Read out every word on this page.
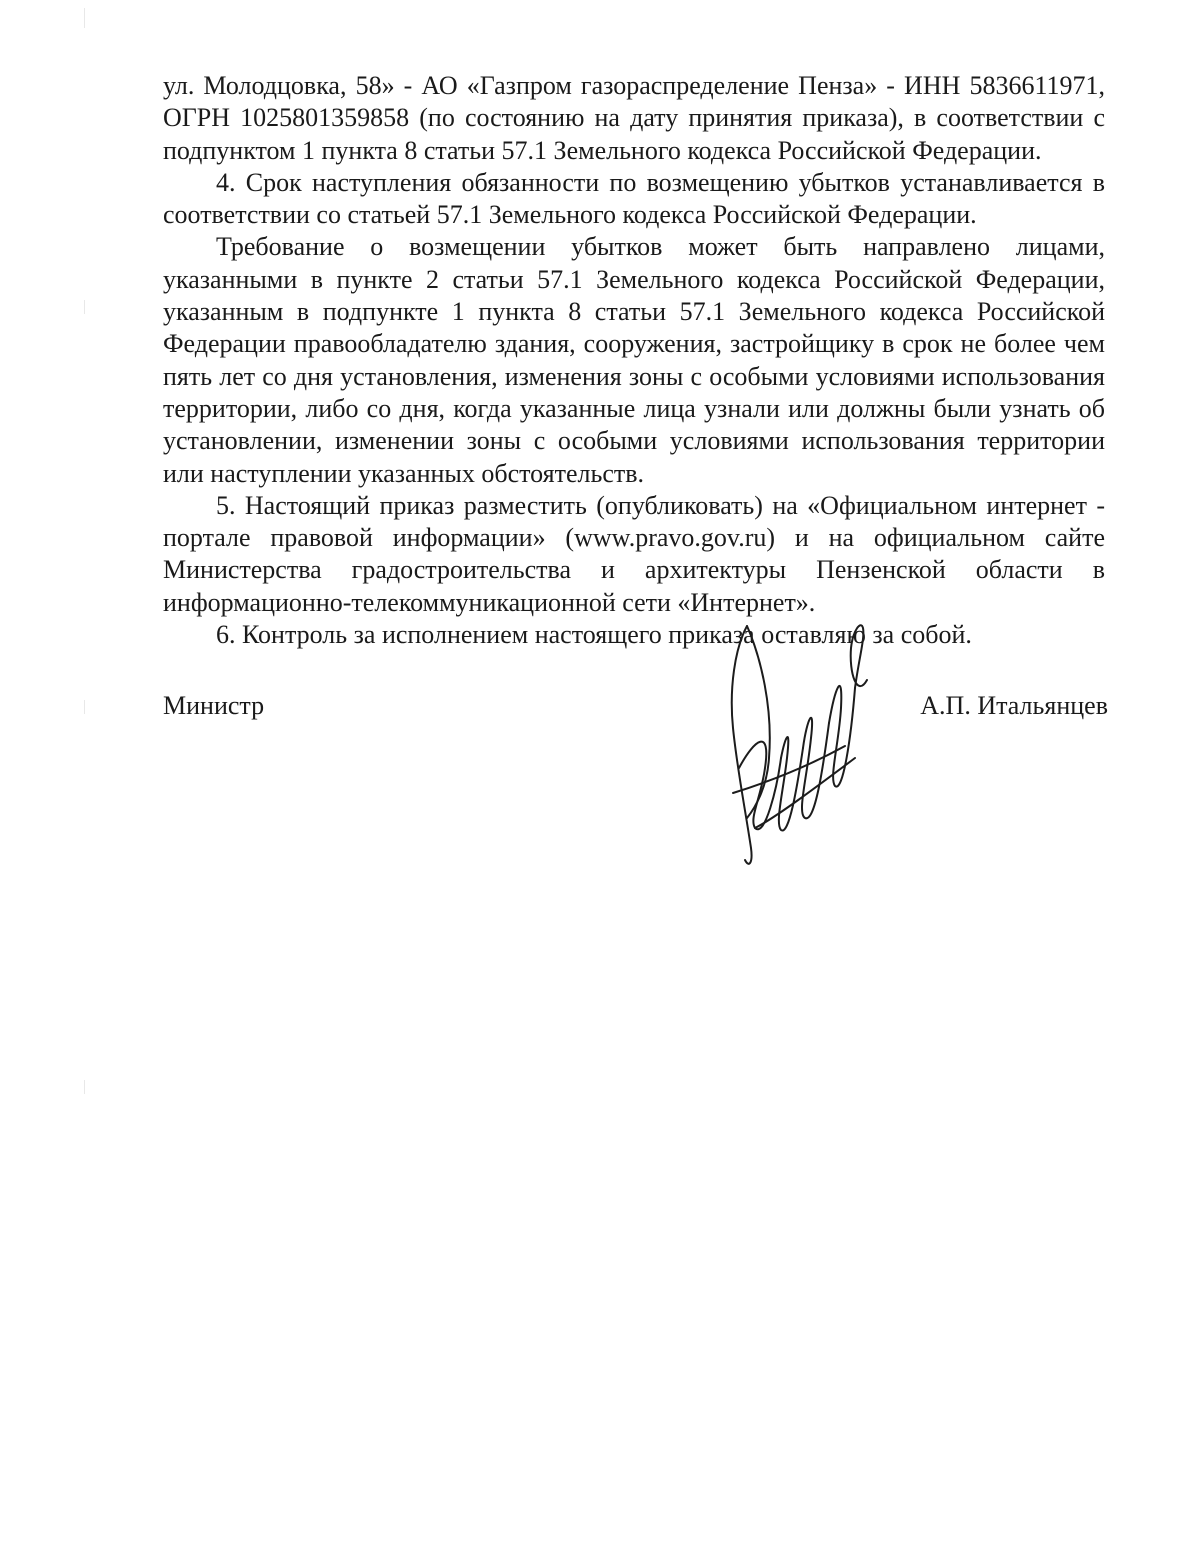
ул. Молодцовка, 58» - АО «Газпром газораспределение Пенза» - ИНН 5836611971, ОГРН 1025801359858 (по состоянию на дату принятия приказа), в соответствии с подпунктом 1 пункта 8 статьи 57.1 Земельного кодекса Российской Федерации.

4. Срок наступления обязанности по возмещению убытков устанавливается в соответствии со статьей 57.1 Земельного кодекса Российской Федерации.

Требование о возмещении убытков может быть направлено лицами, указанными в пункте 2 статьи 57.1 Земельного кодекса Российской Федерации, указанным в подпункте 1 пункта 8 статьи 57.1 Земельного кодекса Российской Федерации правообладателю здания, сооружения, застройщику в срок не более чем пять лет со дня установления, изменения зоны с особыми условиями использования территории, либо со дня, когда указанные лица узнали или должны были узнать об установлении, изменении зоны с особыми условиями использования территории или наступлении указанных обстоятельств.

5. Настоящий приказ разместить (опубликовать) на «Официальном интернет - портале правовой информации» (www.pravo.gov.ru) и на официальном сайте Министерства градостроительства и архитектуры Пензенской области в информационно-телекоммуникационной сети «Интернет».

6. Контроль за исполнением настоящего приказа оставляю за собой.

Министр	А.П. Итальянцев
